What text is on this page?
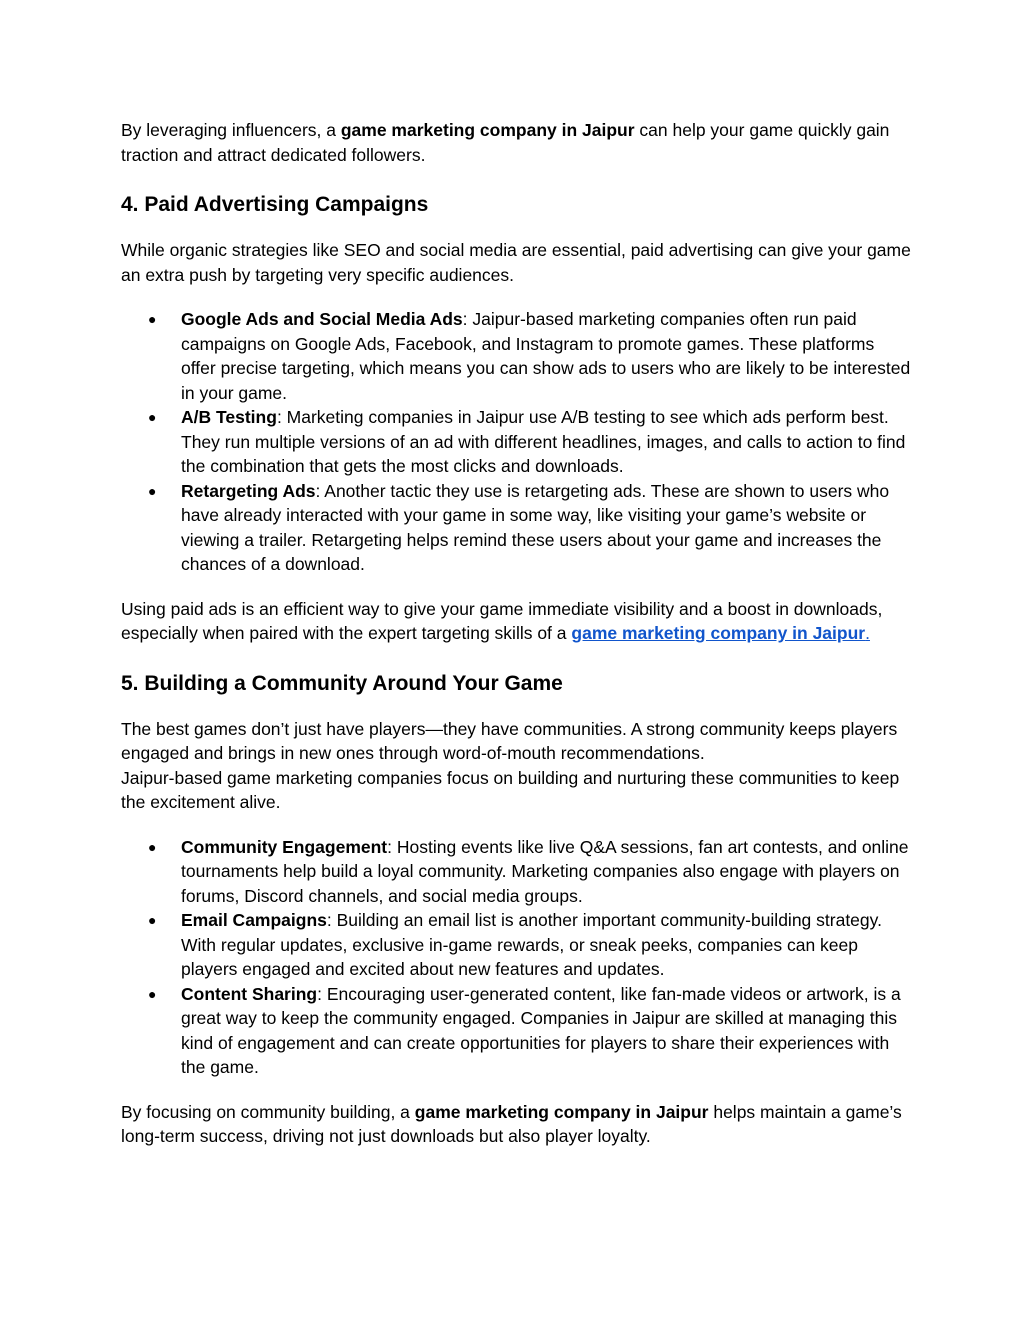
By leveraging influencers, a game marketing company in Jaipur can help your game quickly gain traction and attract dedicated followers.

4. Paid Advertising Campaigns

While organic strategies like SEO and social media are essential, paid advertising can give your game an extra push by targeting very specific audiences.

● Google Ads and Social Media Ads: Jaipur-based marketing companies often run paid campaigns on Google Ads, Facebook, and Instagram to promote games. These platforms offer precise targeting, which means you can show ads to users who are likely to be interested in your game.
● A/B Testing: Marketing companies in Jaipur use A/B testing to see which ads perform best. They run multiple versions of an ad with different headlines, images, and calls to action to find the combination that gets the most clicks and downloads.
● Retargeting Ads: Another tactic they use is retargeting ads. These are shown to users who have already interacted with your game in some way, like visiting your game’s website or viewing a trailer. Retargeting helps remind these users about your game and increases the chances of a download.

Using paid ads is an efficient way to give your game immediate visibility and a boost in downloads, especially when paired with the expert targeting skills of a game marketing company in Jaipur.

5. Building a Community Around Your Game

The best games don’t just have players—they have communities. A strong community keeps players engaged and brings in new ones through word-of-mouth recommendations.
Jaipur-based game marketing companies focus on building and nurturing these communities to keep the excitement alive.

● Community Engagement: Hosting events like live Q&A sessions, fan art contests, and online tournaments help build a loyal community. Marketing companies also engage with players on forums, Discord channels, and social media groups.
● Email Campaigns: Building an email list is another important community-building strategy. With regular updates, exclusive in-game rewards, or sneak peeks, companies can keep players engaged and excited about new features and updates.
● Content Sharing: Encouraging user-generated content, like fan-made videos or artwork, is a great way to keep the community engaged. Companies in Jaipur are skilled at managing this kind of engagement and can create opportunities for players to share their experiences with the game.

By focusing on community building, a game marketing company in Jaipur helps maintain a game’s long-term success, driving not just downloads but also player loyalty.
